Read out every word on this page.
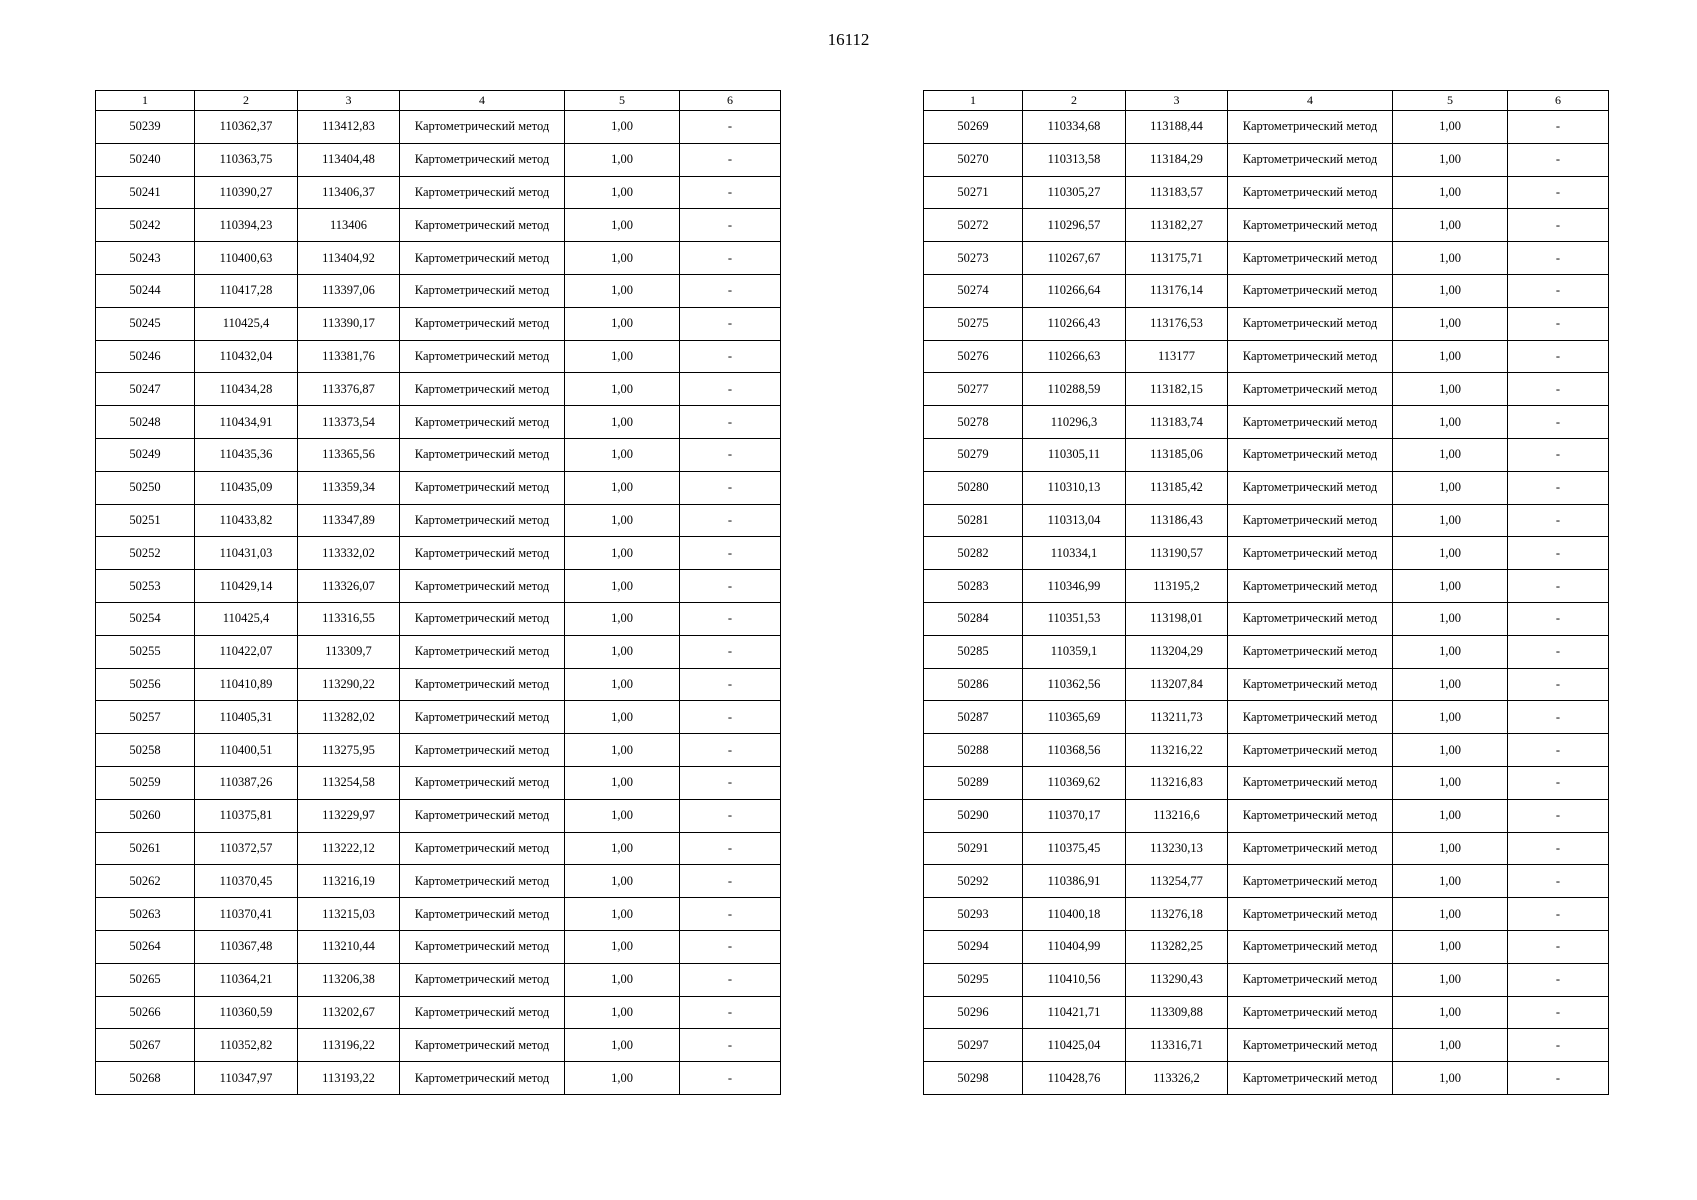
16112
1	2	3	4	5	6
50239	110362,37	113412,83	Картометрический метод	1,00	-
50240	110363,75	113404,48	Картометрический метод	1,00	-
50241	110390,27	113406,37	Картометрический метод	1,00	-
50242	110394,23	113406	Картометрический метод	1,00	-
50243	110400,63	113404,92	Картометрический метод	1,00	-
50244	110417,28	113397,06	Картометрический метод	1,00	-
50245	110425,4	113390,17	Картометрический метод	1,00	-
50246	110432,04	113381,76	Картометрический метод	1,00	-
50247	110434,28	113376,87	Картометрический метод	1,00	-
50248	110434,91	113373,54	Картометрический метод	1,00	-
50249	110435,36	113365,56	Картометрический метод	1,00	-
50250	110435,09	113359,34	Картометрический метод	1,00	-
50251	110433,82	113347,89	Картометрический метод	1,00	-
50252	110431,03	113332,02	Картометрический метод	1,00	-
50253	110429,14	113326,07	Картометрический метод	1,00	-
50254	110425,4	113316,55	Картометрический метод	1,00	-
50255	110422,07	113309,7	Картометрический метод	1,00	-
50256	110410,89	113290,22	Картометрический метод	1,00	-
50257	110405,31	113282,02	Картометрический метод	1,00	-
50258	110400,51	113275,95	Картометрический метод	1,00	-
50259	110387,26	113254,58	Картометрический метод	1,00	-
50260	110375,81	113229,97	Картометрический метод	1,00	-
50261	110372,57	113222,12	Картометрический метод	1,00	-
50262	110370,45	113216,19	Картометрический метод	1,00	-
50263	110370,41	113215,03	Картометрический метод	1,00	-
50264	110367,48	113210,44	Картометрический метод	1,00	-
50265	110364,21	113206,38	Картометрический метод	1,00	-
50266	110360,59	113202,67	Картометрический метод	1,00	-
50267	110352,82	113196,22	Картометрический метод	1,00	-
50268	110347,97	113193,22	Картометрический метод	1,00	-
1	2	3	4	5	6
50269	110334,68	113188,44	Картометрический метод	1,00	-
50270	110313,58	113184,29	Картометрический метод	1,00	-
50271	110305,27	113183,57	Картометрический метод	1,00	-
50272	110296,57	113182,27	Картометрический метод	1,00	-
50273	110267,67	113175,71	Картометрический метод	1,00	-
50274	110266,64	113176,14	Картометрический метод	1,00	-
50275	110266,43	113176,53	Картометрический метод	1,00	-
50276	110266,63	113177	Картометрический метод	1,00	-
50277	110288,59	113182,15	Картометрический метод	1,00	-
50278	110296,3	113183,74	Картометрический метод	1,00	-
50279	110305,11	113185,06	Картометрический метод	1,00	-
50280	110310,13	113185,42	Картометрический метод	1,00	-
50281	110313,04	113186,43	Картометрический метод	1,00	-
50282	110334,1	113190,57	Картометрический метод	1,00	-
50283	110346,99	113195,2	Картометрический метод	1,00	-
50284	110351,53	113198,01	Картометрический метод	1,00	-
50285	110359,1	113204,29	Картометрический метод	1,00	-
50286	110362,56	113207,84	Картометрический метод	1,00	-
50287	110365,69	113211,73	Картометрический метод	1,00	-
50288	110368,56	113216,22	Картометрический метод	1,00	-
50289	110369,62	113216,83	Картометрический метод	1,00	-
50290	110370,17	113216,6	Картометрический метод	1,00	-
50291	110375,45	113230,13	Картометрический метод	1,00	-
50292	110386,91	113254,77	Картометрический метод	1,00	-
50293	110400,18	113276,18	Картометрический метод	1,00	-
50294	110404,99	113282,25	Картометрический метод	1,00	-
50295	110410,56	113290,43	Картометрический метод	1,00	-
50296	110421,71	113309,88	Картометрический метод	1,00	-
50297	110425,04	113316,71	Картометрический метод	1,00	-
50298	110428,76	113326,2	Картометрический метод	1,00	-
